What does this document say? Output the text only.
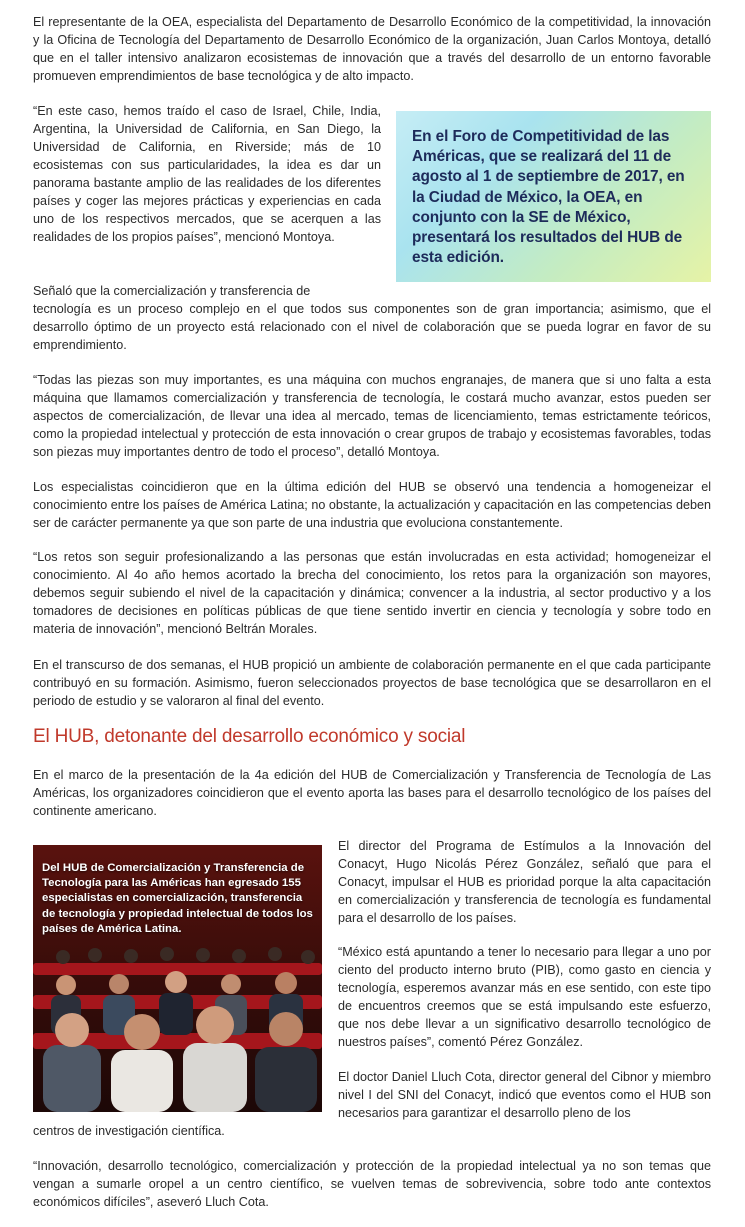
El representante de la OEA, especialista del Departamento de Desarrollo Económico de la competitividad, la innovación y la Oficina de Tecnología del Departamento de Desarrollo Económico de la organización, Juan Carlos Montoya, detalló que en el taller intensivo analizaron ecosistemas de innovación que a través del desarrollo de un entorno favorable promueven emprendimientos de base tecnológica y de alto impacto.

“En este caso, hemos traído el caso de Israel, Chile, India, Argentina, la Universidad de California, en San Diego, la Universidad de California, en Riverside; más de 10 ecosistemas con sus particularidades, la idea es dar un panorama bastante amplio de las realidades de los diferentes países y coger las mejores prácticas y experiencias en cada uno de los respectivos mercados, que se acerquen a las realidades de los propios países”, mencionó Montoya.

En el Foro de Competitividad de las Américas, que se realizará del 11 de agosto al 1 de septiembre de 2017, en la Ciudad de México, la OEA, en conjunto con la SE de México, presentará los resultados del HUB de esta edición.

Señaló que la comercialización y transferencia de

tecnología es un proceso complejo en el que todos sus componentes son de gran importancia; asimismo, que el desarrollo óptimo de un proyecto está relacionado con el nivel de colaboración que se pueda lograr en favor de su emprendimiento.

“Todas las piezas son muy importantes, es una máquina con muchos engranajes, de manera que si uno falta a esta máquina que llamamos comercialización y transferencia de tecnología, le costará mucho avanzar, estos pueden ser aspectos de comercialización, de llevar una idea al mercado, temas de licenciamiento, temas estrictamente teóricos, como la propiedad intelectual y protección de esta innovación o crear grupos de trabajo y ecosistemas favorables, todas son piezas muy importantes dentro de todo el proceso”, detalló Montoya.

Los especialistas coincidieron que en la última edición del HUB se observó una tendencia a homogeneizar el conocimiento entre los países de América Latina; no obstante, la actualización y capacitación en las competencias deben ser de carácter permanente ya que son parte de una industria que evoluciona constantemente.

“Los retos son seguir profesionalizando a las personas que están involucradas en esta actividad; homogeneizar el conocimiento. Al 4o año hemos acortado la brecha del conocimiento, los retos para la organización son mayores, debemos seguir subiendo el nivel de la capacitación y dinámica; convencer a la industria, al sector productivo y a los tomadores de decisiones en políticas públicas de que tiene sentido invertir en ciencia y tecnología y sobre todo en materia de innovación”, mencionó Beltrán Morales.

En el transcurso de dos semanas, el HUB propició un ambiente de colaboración permanente en el que cada participante contribuyó en su formación. Asimismo, fueron seleccionados proyectos de base tecnológica que se desarrollaron en el periodo de estudio y se valoraron al final del evento.

El HUB, detonante del desarrollo económico y social

En el marco de la presentación de la 4a edición del HUB de Comercialización y Transferencia de Tecnología de Las Américas, los organizadores coincidieron que el evento aporta las bases para el desarrollo tecnológico de los países del continente americano.

Del HUB de Comercialización y Transferencia de Tecnología para las Américas han egresado 155 especialistas en comercialización, transferencia de tecnología y propiedad intelectual de todos los países de América Latina.

El director del Programa de Estímulos a la Innovación del Conacyt, Hugo Nicolás Pérez González, señaló que para el Conacyt, impulsar el HUB es prioridad porque la alta capacitación en comercialización y transferencia de tecnología es fundamental para el desarrollo de los países.

“México está apuntando a tener lo necesario para llegar a uno por ciento del producto interno bruto (PIB), como gasto en ciencia y tecnología, esperemos avanzar más en ese sentido, con este tipo de encuentros creemos que se está impulsando este esfuerzo, que nos debe llevar a un significativo desarrollo tecnológico de nuestros países”, comentó Pérez González.

El doctor Daniel Lluch Cota, director general del Cibnor y miembro nivel I del SNI del Conacyt, indicó que eventos como el HUB son necesarios para garantizar el desarrollo pleno de los

centros de investigación científica.

“Innovación, desarrollo tecnológico, comercialización y protección de la propiedad intelectual ya no son temas que vengan a sumarle oropel a un centro científico, se vuelven temas de sobrevivencia, sobre todo ante contextos económicos difíciles”, aseveró Lluch Cota.
